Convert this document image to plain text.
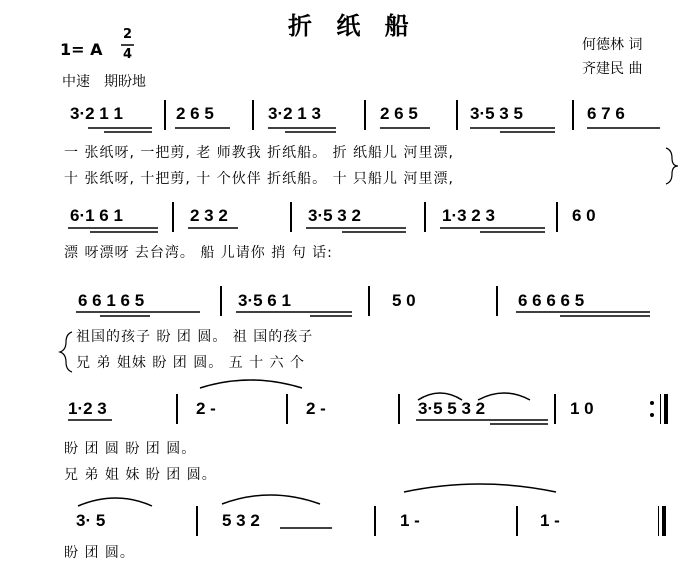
折 纸 船
1= A
2
4
中速　期盼地
何德林 词
齐建民 曲
3·2 1 1	2 6 5	3·2 1 3	2 6 5	3·5 3 5	6 7 6
一 张纸呀, 一把剪, 老 师教我 折纸船。 折 纸船儿 河里漂,
十 张纸呀, 十把剪, 十 个伙伴 折纸船。 十 只船儿 河里漂,
6·1 6 1	2 3 2	3·5 3 2	1·3 2 3	6 0
漂 呀漂呀 去台湾。 船 儿请你 捎 句 话:
6 6 1 6 5	3·5 6 1	5 0	6 6 6 6 5
祖国的孩子 盼 团 圆。 祖 国的孩子
兄 弟 姐妹 盼 团 圆。 五 十 六 个
1·2 3	2 -	2 -	3·5 5 3 2	1 0
盼 团 圆 盼 团 圆。
兄 弟 姐 妹 盼 团 圆。
3· 5	5 3 2	1 -	1 -
盼 团 圆。
